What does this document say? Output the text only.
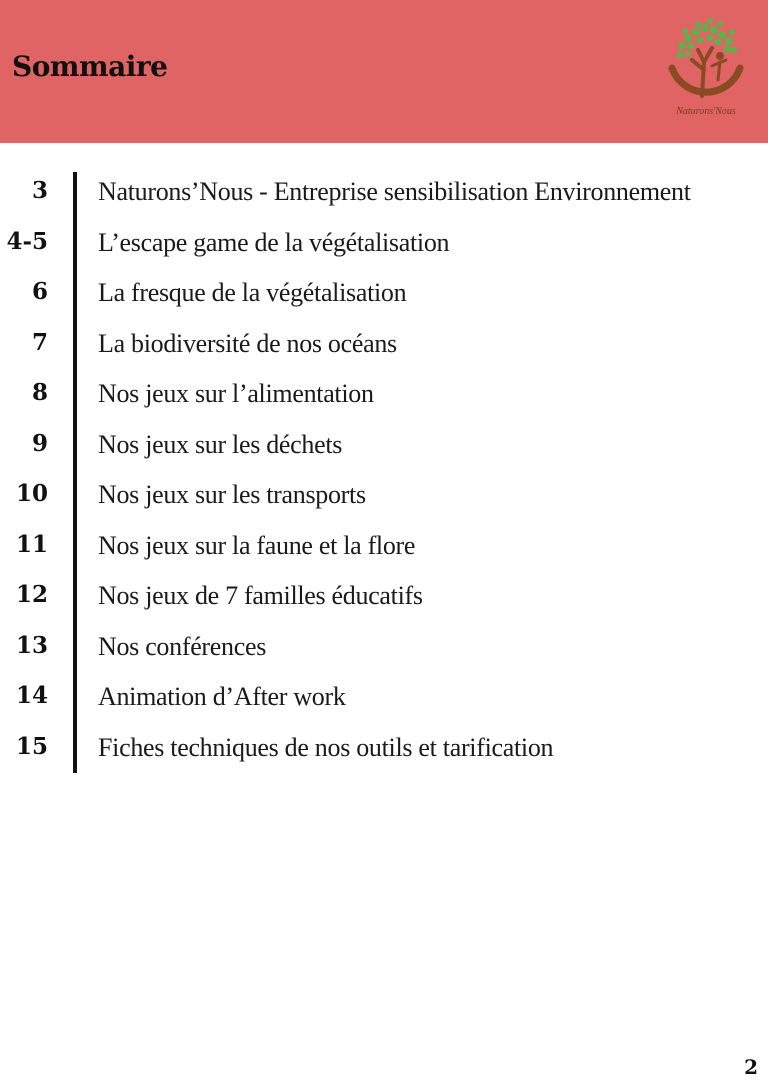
Sommaire
Naturons'Nous
3 Naturons’Nous - Entreprise sensibilisation Environnement
4-5 L’escape game de la végétalisation
6 La fresque de la végétalisation
7 La biodiversité de nos océans
8 Nos jeux sur l’alimentation
9 Nos jeux sur les déchets
10 Nos jeux sur les transports
11 Nos jeux sur la faune et la flore
12 Nos jeux de 7 familles éducatifs
13 Nos conférences
14 Animation d’After work
15 Fiches techniques de nos outils et tarification
2
